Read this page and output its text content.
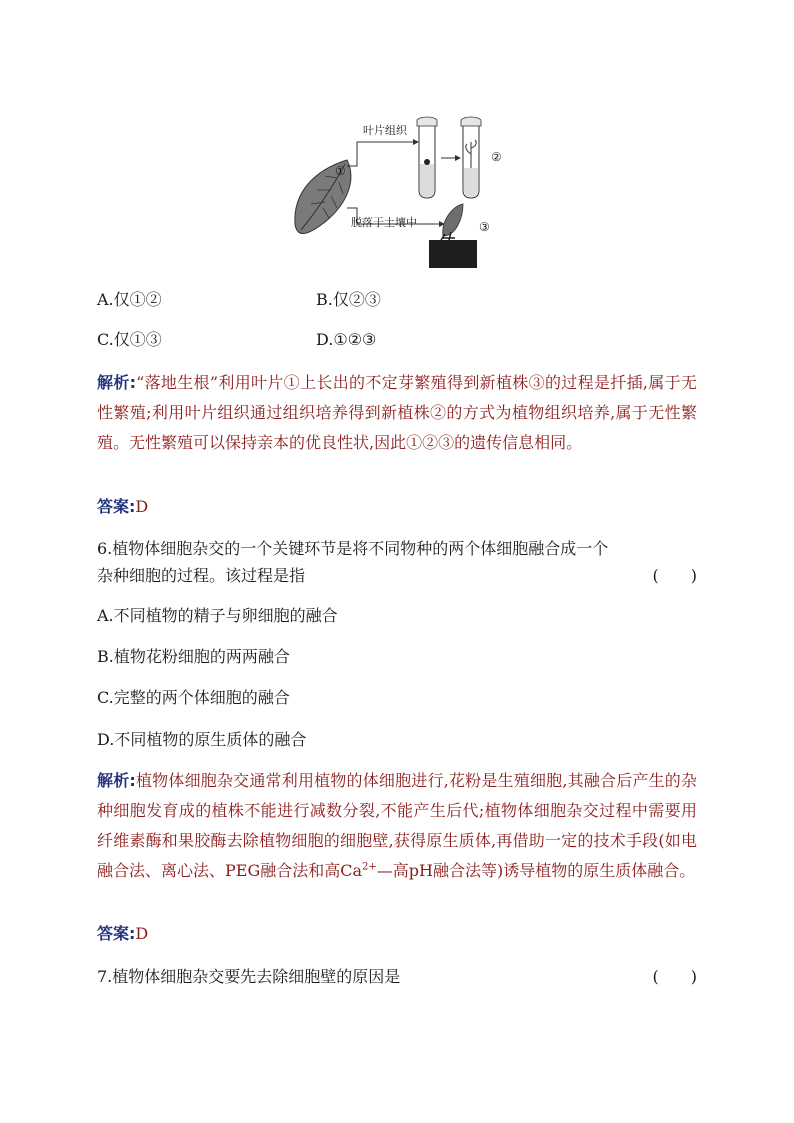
叶片组织
脱落于土壤中
①
②
③
A.仅①②	B.仅②③
C.仅①③	D.①②③
解析:“落地生根”利用叶片①上长出的不定芽繁殖得到新植株③的过程是扦插,属于无性繁殖;利用叶片组织通过组织培养得到新植株②的方式为植物组织培养,属于无性繁殖。无性繁殖可以保持亲本的优良性状,因此①②③的遗传信息相同。
答案:D
6.植物体细胞杂交的一个关键环节是将不同物种的两个体细胞融合成一个
杂种细胞的过程。该过程是指	(　　)
A.不同植物的精子与卵细胞的融合
B.植物花粉细胞的两两融合
C.完整的两个体细胞的融合
D.不同植物的原生质体的融合
解析:植物体细胞杂交通常利用植物的体细胞进行,花粉是生殖细胞,其融合后产生的杂种细胞发育成的植株不能进行减数分裂,不能产生后代;植物体细胞杂交过程中需要用纤维素酶和果胶酶去除植物细胞的细胞壁,获得原生质体,再借助一定的技术手段(如电融合法、离心法、PEG融合法和高$Ca^{2+}—$高pH融合法等)诱导植物的原生质体融合。
答案:D
7.植物体细胞杂交要先去除细胞壁的原因是	(　　)
